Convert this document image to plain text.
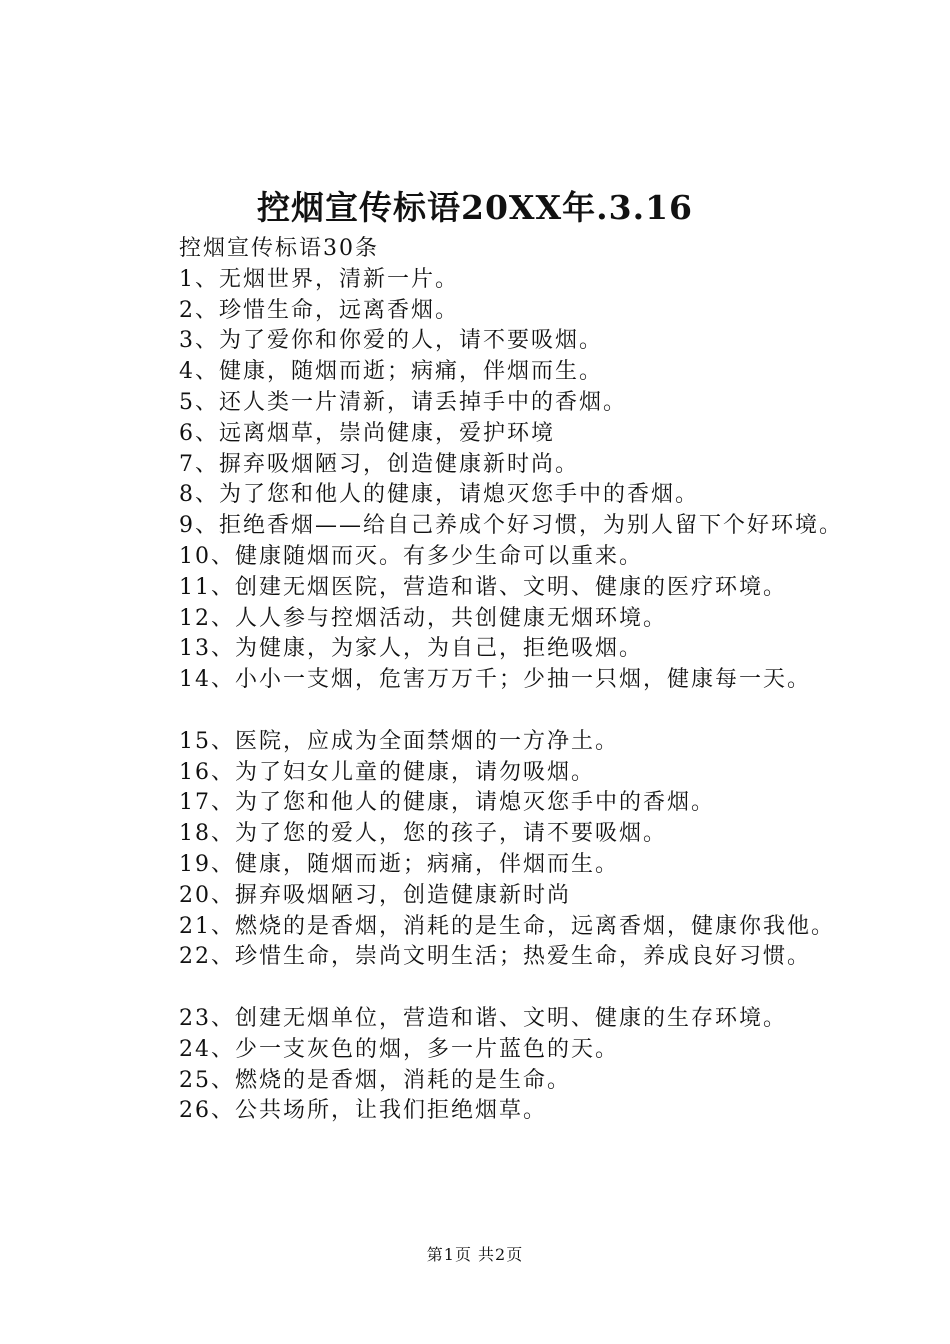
控烟宣传标语20XX年.3.16

控烟宣传标语30条

1、无烟世界，清新一片。

2、珍惜生命，远离香烟。

3、为了爱你和你爱的人，请不要吸烟。

4、健康，随烟而逝；病痛，伴烟而生。

5、还人类一片清新，请丢掉手中的香烟。

6、远离烟草，崇尚健康，爱护环境

7、摒弃吸烟陋习，创造健康新时尚。

8、为了您和他人的健康，请熄灭您手中的香烟。

9、拒绝香烟——给自己养成个好习惯，为别人留下个好环境。

10、健康随烟而灭。有多少生命可以重来。

11、创建无烟医院，营造和谐、文明、健康的医疗环境。

12、人人参与控烟活动，共创健康无烟环境。

13、为健康，为家人，为自己，拒绝吸烟。

14、小小一支烟，危害万万千；少抽一只烟，健康每一天。

15、医院，应成为全面禁烟的一方净土。

16、为了妇女儿童的健康，请勿吸烟。

17、为了您和他人的健康，请熄灭您手中的香烟。

18、为了您的爱人，您的孩子，请不要吸烟。

19、健康，随烟而逝；病痛，伴烟而生。

20、摒弃吸烟陋习，创造健康新时尚

21、燃烧的是香烟，消耗的是生命，远离香烟，健康你我他。

22、珍惜生命，崇尚文明生活；热爱生命，养成良好习惯。

23、创建无烟单位，营造和谐、文明、健康的生存环境。

24、少一支灰色的烟，多一片蓝色的天。

25、燃烧的是香烟，消耗的是生命。

26、公共场所，让我们拒绝烟草。

第1页 共2页
